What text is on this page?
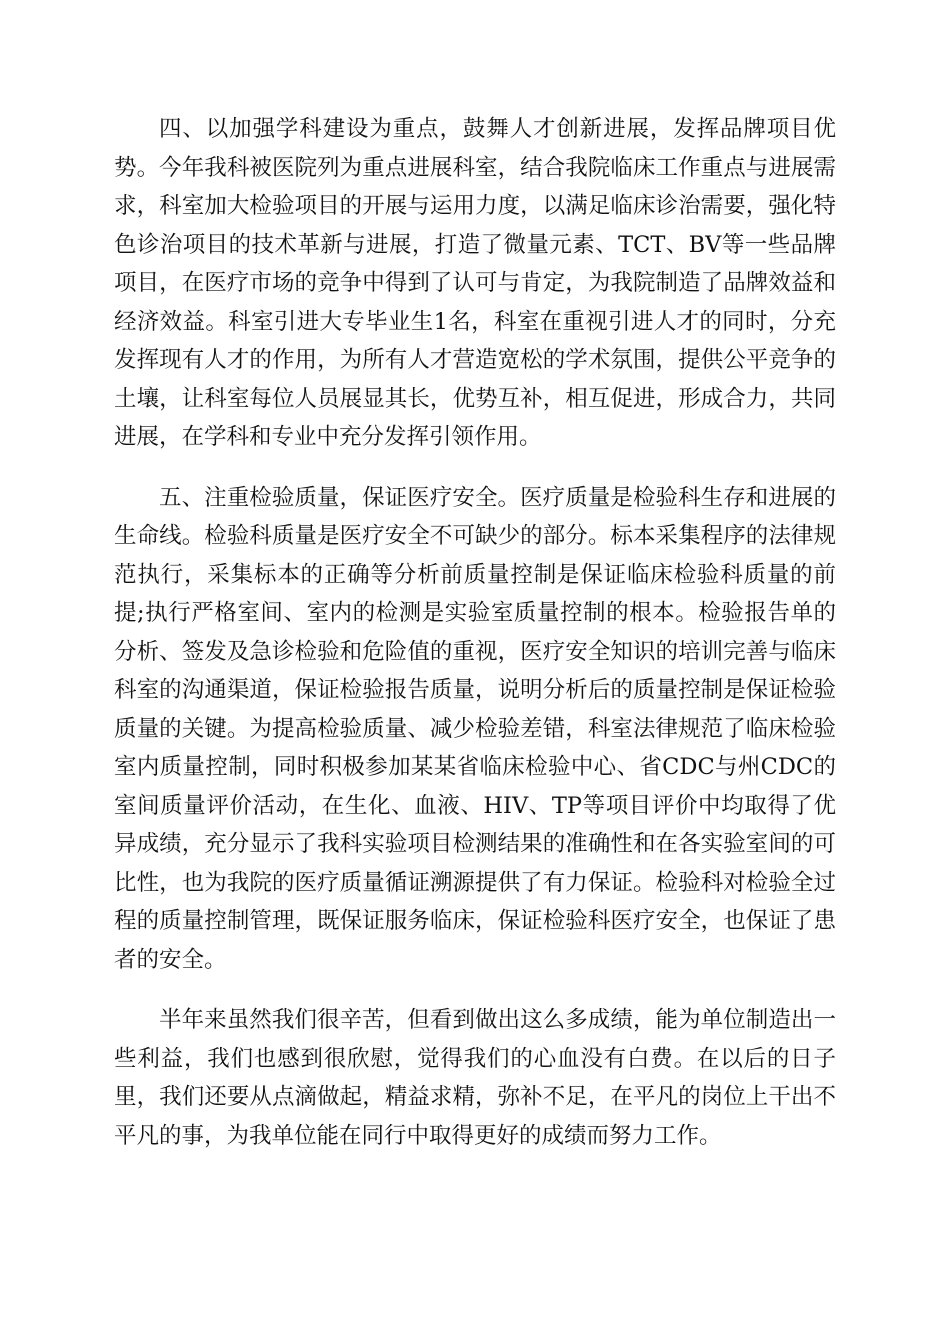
四、以加强学科建设为重点，鼓舞人才创新进展，发挥品牌项目优势。今年我科被医院列为重点进展科室，结合我院临床工作重点与进展需求，科室加大检验项目的开展与运用力度，以满足临床诊治需要，强化特色诊治项目的技术革新与进展，打造了微量元素、TCT、BV等一些品牌项目，在医疗市场的竞争中得到了认可与肯定，为我院制造了品牌效益和经济效益。科室引进大专毕业生1名，科室在重视引进人才的同时，分充发挥现有人才的作用，为所有人才营造宽松的学术氛围，提供公平竞争的土壤，让科室每位人员展显其长，优势互补，相互促进，形成合力，共同进展，在学科和专业中充分发挥引领作用。

五、注重检验质量，保证医疗安全。医疗质量是检验科生存和进展的生命线。检验科质量是医疗安全不可缺少的部分。标本采集程序的法律规范执行，采集标本的正确等分析前质量控制是保证临床检验科质量的前提;执行严格室间、室内的检测是实验室质量控制的根本。检验报告单的分析、签发及急诊检验和危险值的重视，医疗安全知识的培训完善与临床科室的沟通渠道，保证检验报告质量，说明分析后的质量控制是保证检验质量的关键。为提高检验质量、减少检验差错，科室法律规范了临床检验室内质量控制，同时积极参加某某省临床检验中心、省CDC与州CDC的室间质量评价活动，在生化、血液、HIV、TP等项目评价中均取得了优异成绩，充分显示了我科实验项目检测结果的准确性和在各实验室间的可比性，也为我院的医疗质量循证溯源提供了有力保证。检验科对检验全过程的质量控制管理，既保证服务临床，保证检验科医疗安全，也保证了患者的安全。

半年来虽然我们很辛苦，但看到做出这么多成绩，能为单位制造出一些利益，我们也感到很欣慰，觉得我们的心血没有白费。在以后的日子里，我们还要从点滴做起，精益求精，弥补不足，在平凡的岗位上干出不平凡的事，为我单位能在同行中取得更好的成绩而努力工作。
